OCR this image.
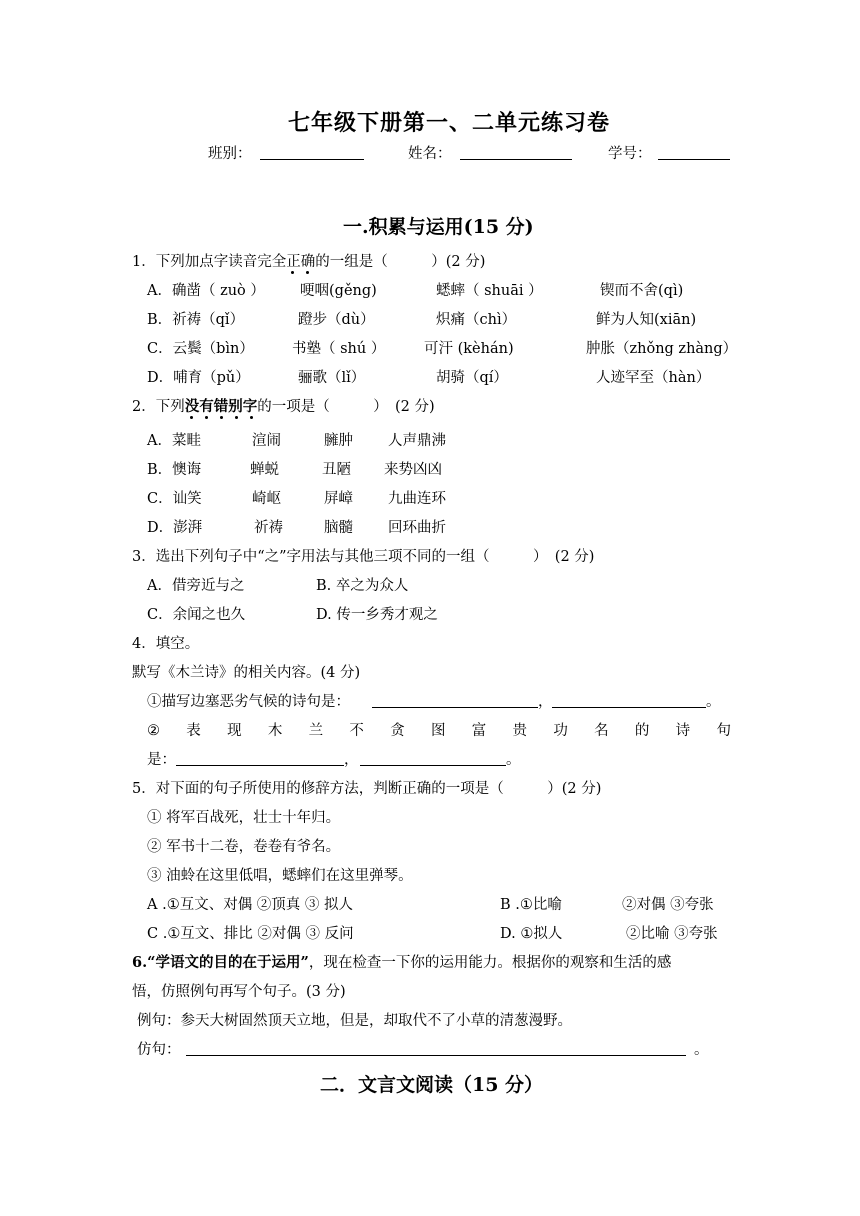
七年级下册第一、二单元练习卷
班别：	姓名：	学号：
一.积累与运用(15 分)
1．下列加点字读音完全正确
的一组是（　　　）(2 分)
A．确凿（ zuò ） 哽咽(gěng)	蟋蟀（ shuāi ）	锲而不舍(qì)
B．祈祷（qǐ）	蹬步（dù）	炽痛（chì）	鲜为人知(xiān)
C．云鬓（bìn）	书塾（ shú ）	可汗 (kèhán)	肿胀（zhǒng zhàng）
D．哺育（pǔ）	骊歌（lǐ）	胡骑（qí）	人迹罕至（hàn）
2．下列没有错别字
的一项是（　　　）　(2 分)
A．菜畦	渲闹	臃肿 人声鼎沸
B．懊诲	蝉蜕	丑陋 来势凶凶
C．讪笑	崎岖	屏嶂 九曲连环
D．澎湃	祈祷	脑髓 回环曲折
3．选出下列句子中“之”字用法与其他三项不同的一组（　　　）　(2 分)
A．借旁近与之	B. 卒之为众人
C．余闻之也久	D. 传一乡秀才观之
4．填空。
默写《木兰诗》的相关内容。(4 分)
①描写边塞恶劣气候的诗句是：	，	。
② 表 现 木 兰 不 贪 图 富 贵 功 名 的 诗 句
是：	，	。
5．对下面的句子所使用的修辞方法，判断正确的一项是（　　　）(2 分)
① 将军百战死，壮士十年归。
② 军书十二卷，卷卷有爷名。
③ 油蛉在这里低唱，蟋蟀们在这里弹琴。
A .①互文、对偶 ②顶真 ③ 拟人	B .①比喻	②对偶 ③夸张
C .①互文、排比 ②对偶 ③ 反问	D. ①拟人	②比喻 ③夸张
6.“学语文的目的在于运用”，现在检查一下你的运用能力。根据你的观察和生活的感
悟，仿照例句再写个句子。(3 分)
例句：参天大树固然顶天立地，但是，却取代不了小草的清葱漫野。
仿句：	。
二．文言文阅读（15 分）
